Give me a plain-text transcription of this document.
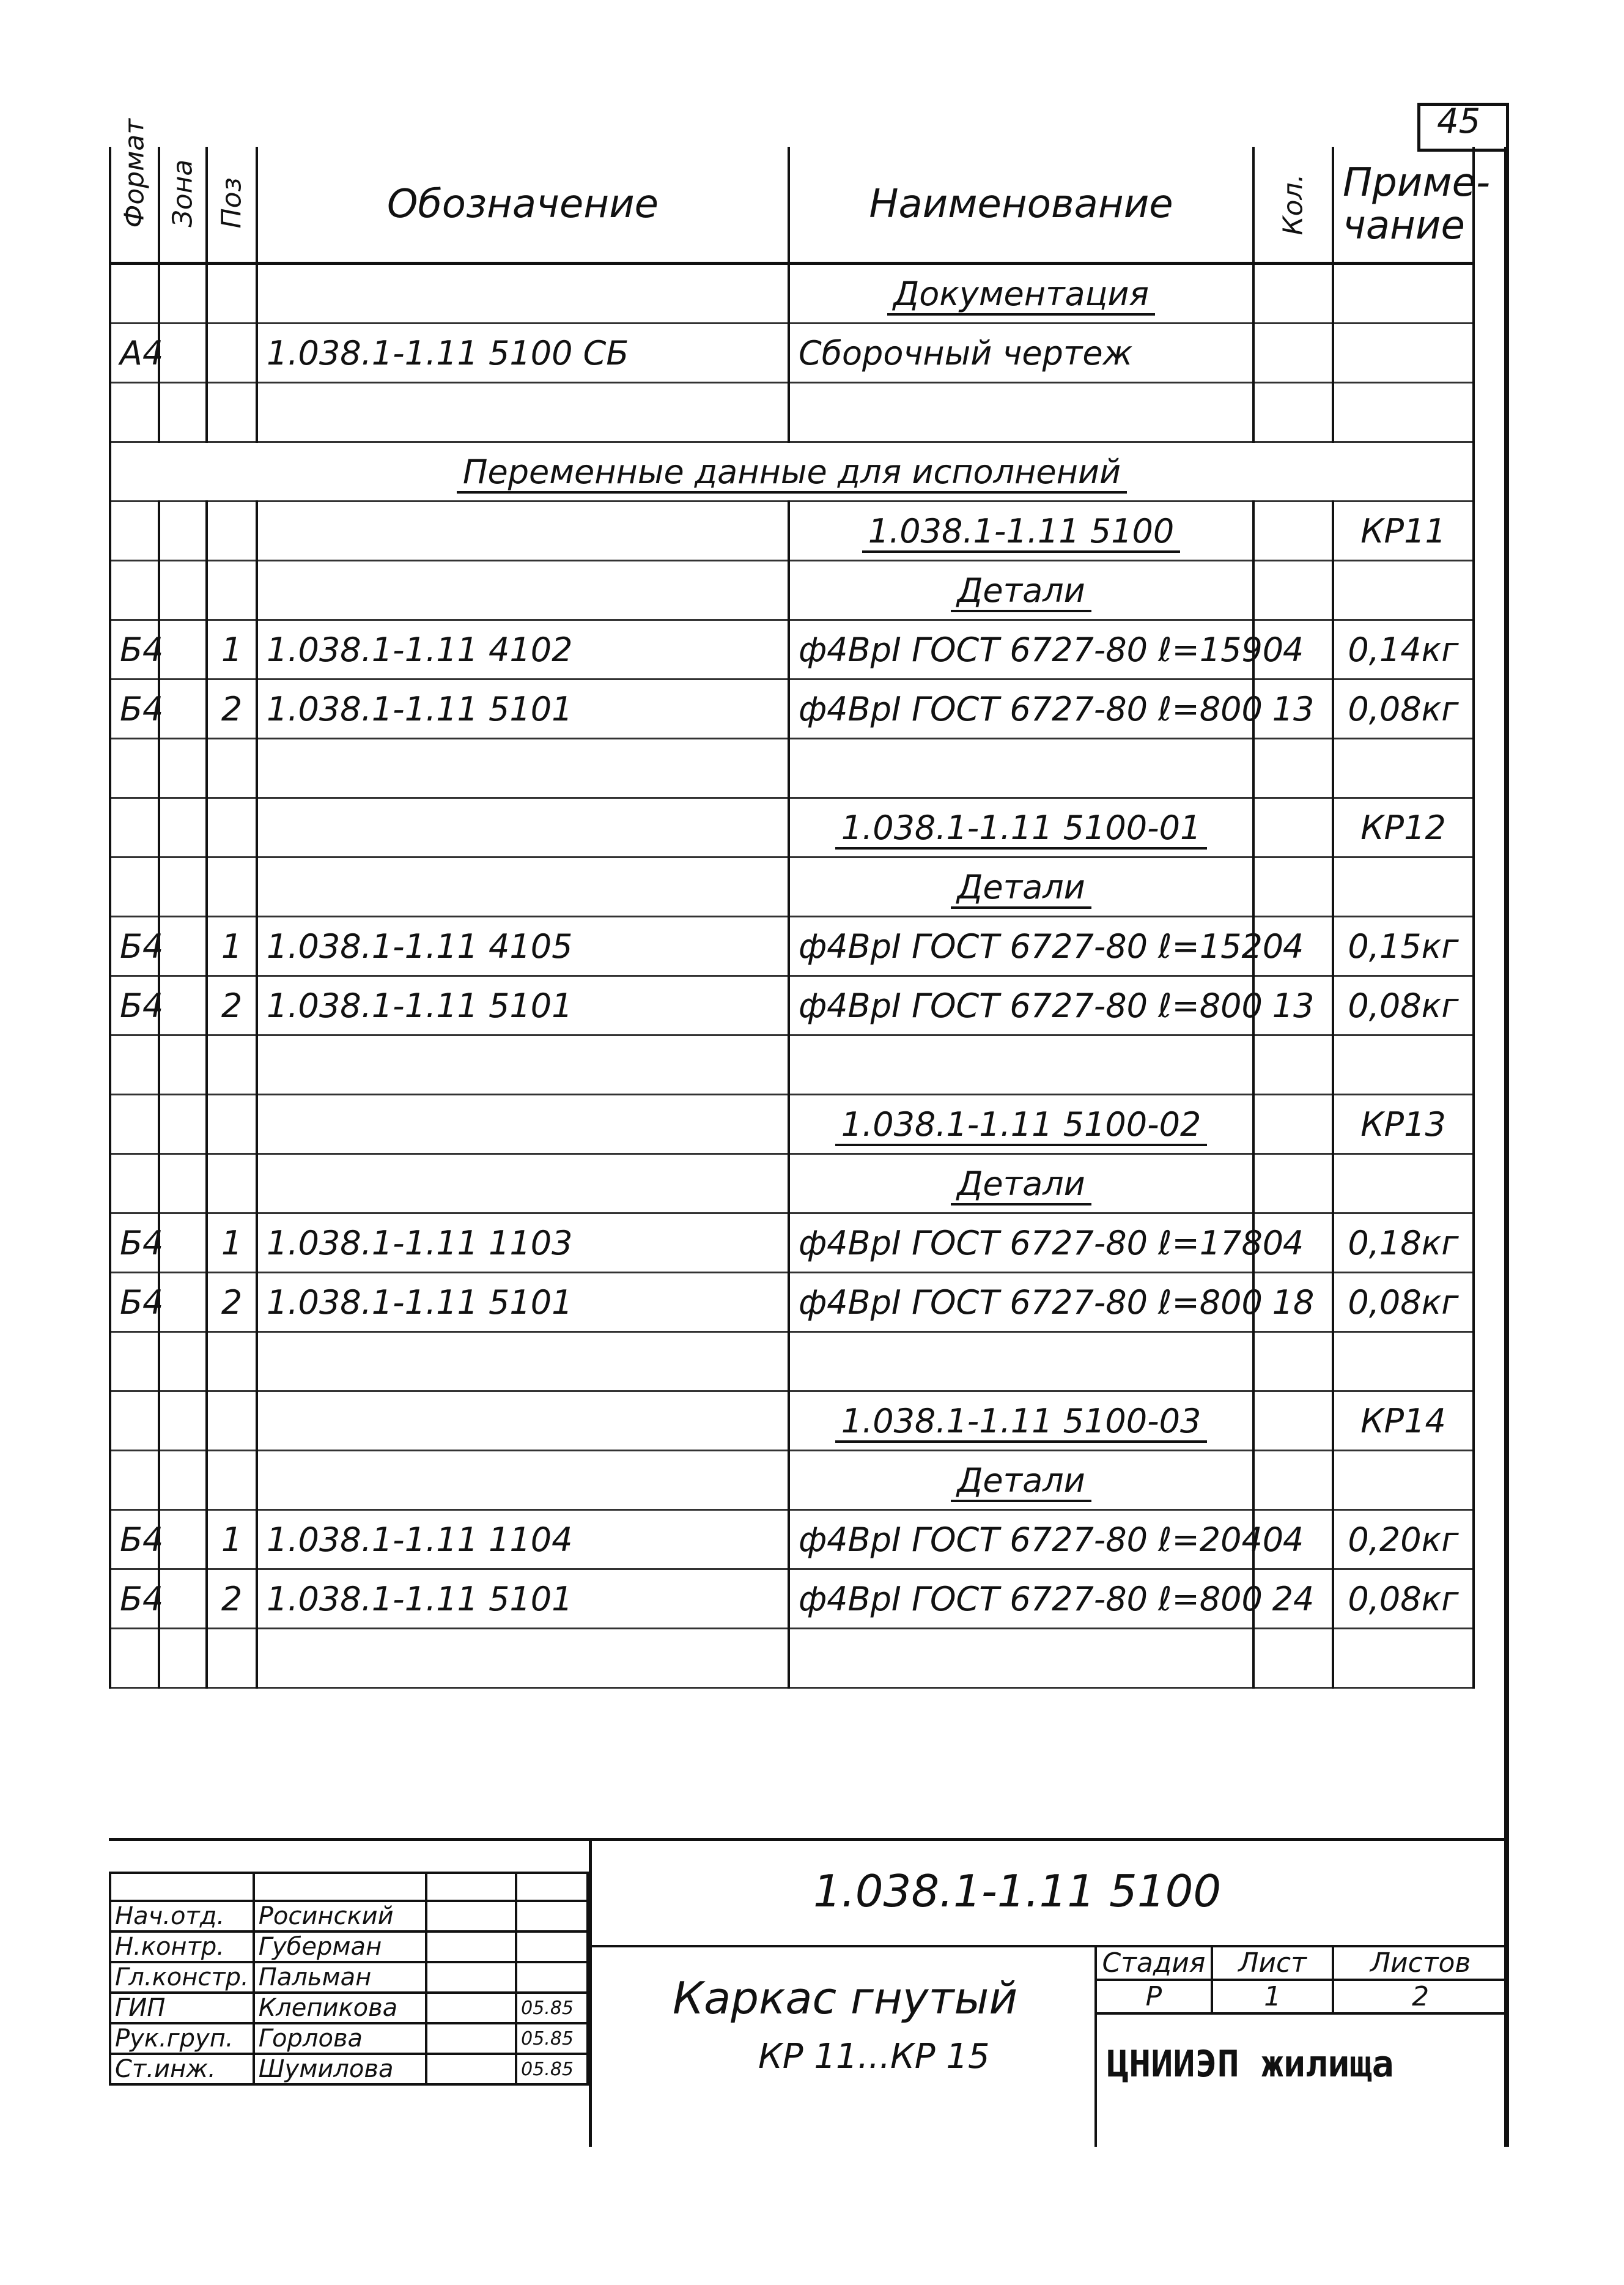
45
Формат	Зона	Поз	Обозначение	Наименование	Кол.	Приме-чание
				Документация		
А4			1.038.1-1.11 5100 СБ	Сборочный чертеж		

Переменные данные для исполнений						
				1.038.1-1.11 5100		КР11
				Детали		
Б4		1	1.038.1-1.11 4102	ф4ВрI ГОСТ 6727-80 ℓ=1590	4	0,14кг
Б4		2	1.038.1-1.11 5101	ф4ВрI ГОСТ 6727-80 ℓ=800	13	0,08кг

				1.038.1-1.11 5100-01		КР12
				Детали		
Б4		1	1.038.1-1.11 4105	ф4ВрI ГОСТ 6727-80 ℓ=1520	4	0,15кг
Б4		2	1.038.1-1.11 5101	ф4ВрI ГОСТ 6727-80 ℓ=800	13	0,08кг

				1.038.1-1.11 5100-02		КР13
				Детали		
Б4		1	1.038.1-1.11 1103	ф4ВрI ГОСТ 6727-80 ℓ=1780	4	0,18кг
Б4		2	1.038.1-1.11 5101	ф4ВрI ГОСТ 6727-80 ℓ=800	18	0,08кг

				1.038.1-1.11 5100-03		КР14
				Детали		
Б4		1	1.038.1-1.11 1104	ф4ВрI ГОСТ 6727-80 ℓ=2040	4	0,20кг
Б4		2	1.038.1-1.11 5101	ф4ВрI ГОСТ 6727-80 ℓ=800	24	0,08кг

Нач.отд.	Росинский		
Н.контр.	Губерман		
Гл.констр.	Пальман		
ГИП	Клепикова		05.85
Рук.груп.	Горлова		05.85
Ст.инж.	Шумилова		05.85
1.038.1-1.11 5100
Каркас гнутый
КР 11...КР 15
Стадия	Лист	Листов
Р	1	2
ЦНИИЭП жилища
